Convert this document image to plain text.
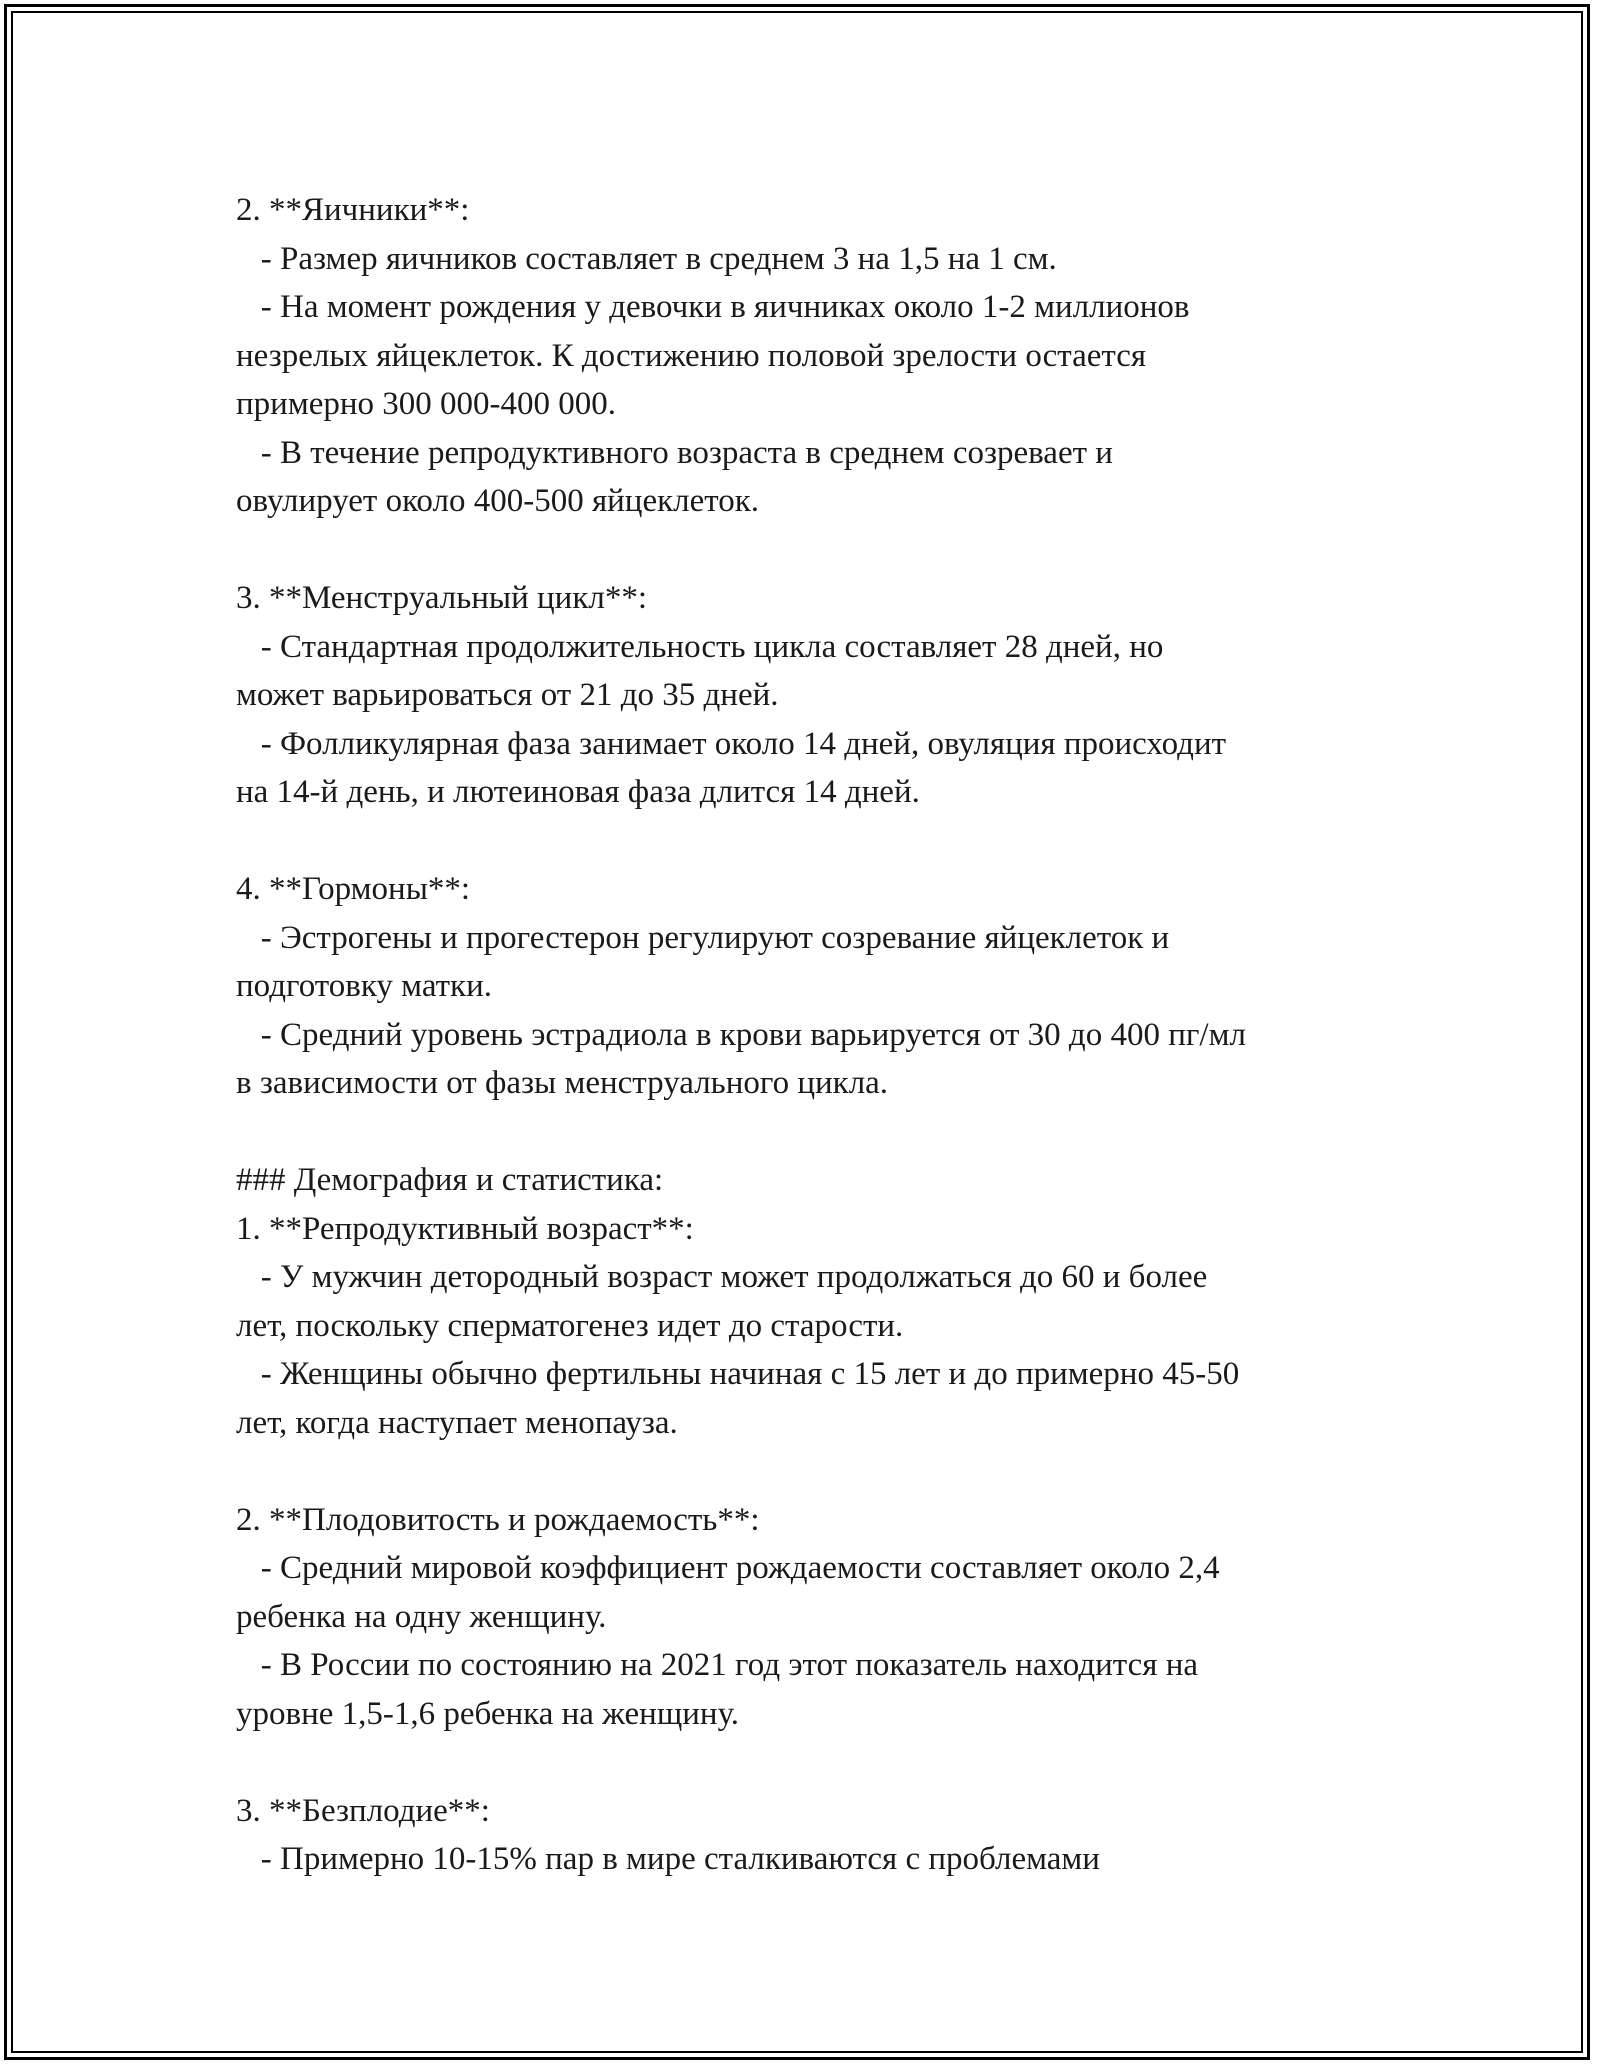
2. **Яичники**:
- Размер яичников составляет в среднем 3 на 1,5 на 1 см.
- На момент рождения у девочки в яичниках около 1-2 миллионов
незрелых яйцеклеток. К достижению половой зрелости остается
примерно 300 000-400 000.
- В течение репродуктивного возраста в среднем созревает и
овулирует около 400-500 яйцеклеток.
3. **Менструальный цикл**:
- Стандартная продолжительность цикла составляет 28 дней, но
может варьироваться от 21 до 35 дней.
- Фолликулярная фаза занимает около 14 дней, овуляция происходит
на 14-й день, и лютеиновая фаза длится 14 дней.
4. **Гормоны**:
- Эстрогены и прогестерон регулируют созревание яйцеклеток и
подготовку матки.
- Средний уровень эстрадиола в крови варьируется от 30 до 400 пг/мл
в зависимости от фазы менструального цикла.
### Демография и статистика:
1. **Репродуктивный возраст**:
- У мужчин детородный возраст может продолжаться до 60 и более
лет, поскольку сперматогенез идет до старости.
- Женщины обычно фертильны начиная с 15 лет и до примерно 45-50
лет, когда наступает менопауза.
2. **Плодовитость и рождаемость**:
- Средний мировой коэффициент рождаемости составляет около 2,4
ребенка на одну женщину.
- В России по состоянию на 2021 год этот показатель находится на
уровне 1,5-1,6 ребенка на женщину.
3. **Безплодие**:
- Примерно 10-15% пар в мире сталкиваются с проблемами
